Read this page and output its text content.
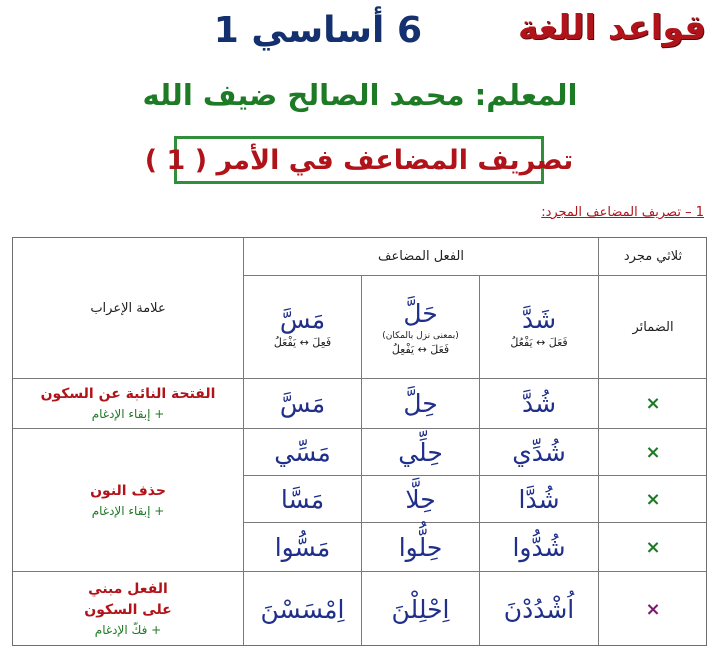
قواعد اللغة
6 أساسي 1
المعلم: محمد الصالح ضيف الله
تصريف المضاعف في الأمر ( 1 )
1 – تصريف المضاعف المجرد:
ثلاثي مجرد
الفعل المضاعف
الضمائر
علامة الإعراب	شَدَّ
فَعَلَ ↔ يَفْعُلُ
حَلَّ
(بمعنى نزل بالمكان)
فَعَلَ ↔ يَفْعِلُ
مَسَّ
فَعِلَ ↔ يَفْعَلُ
×
شُدَّ
حِلَّ
مَسَّ
الفتحة النائبة عن السكون
+ إبقاء الإدغام
×
شُدِّي
حِلِّي
مَسِّي
×
شُدَّا
حِلَّا
مَسَّا
×
شُدُّوا
حِلُّوا
مَسُّوا
حذف النون
+ إبقاء الإدغام
×
اُشْدُدْنَ
اِحْلِلْنَ
اِمْسَسْنَ
الفعل مبني
على السكون
+ فكّ الإدغام
